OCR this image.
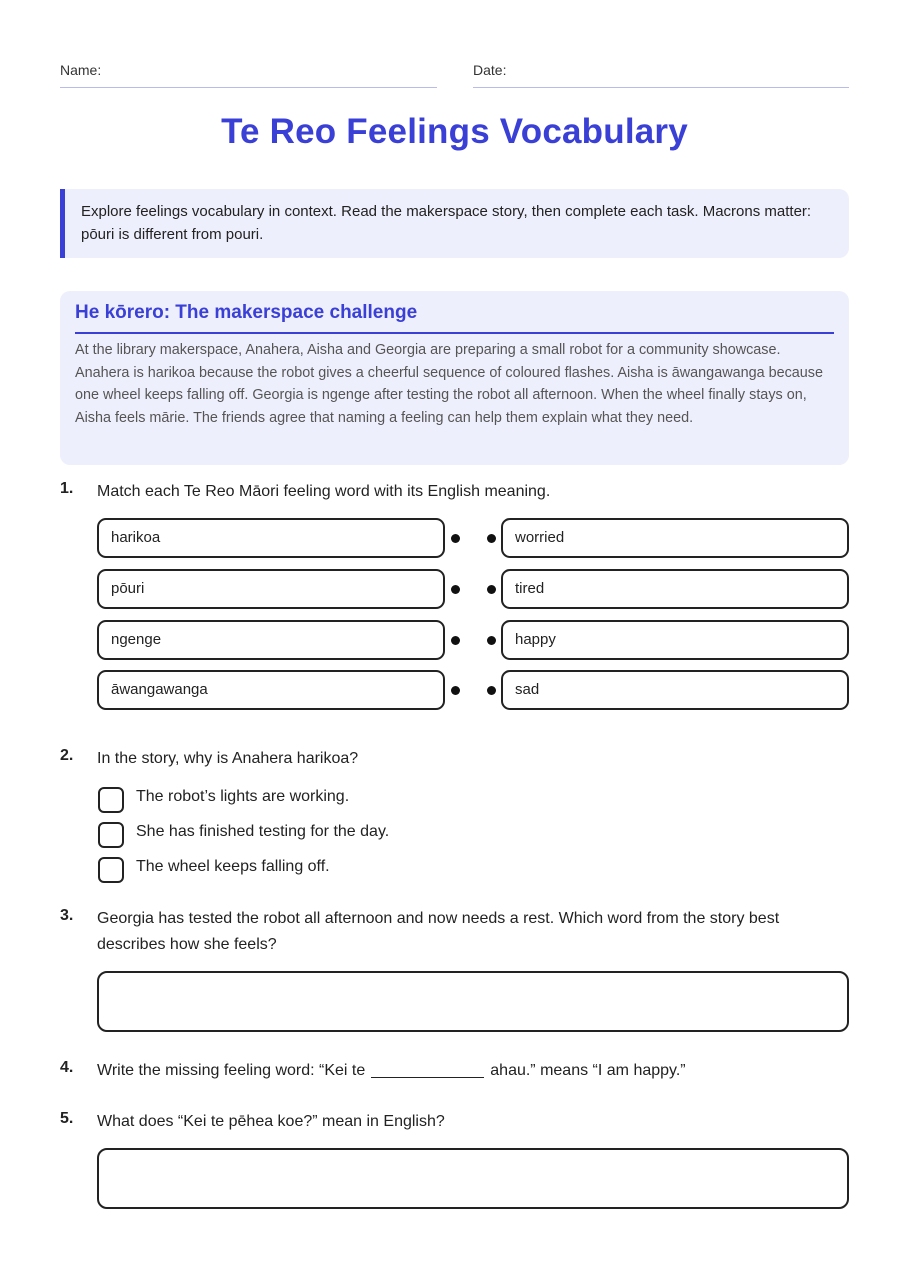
Name:	Date:
Te Reo Feelings Vocabulary
Explore feelings vocabulary in context. Read the makerspace story, then complete each task. Macrons matter: pōuri is different from pouri.
He kōrero: The makerspace challenge
At the library makerspace, Anahera, Aisha and Georgia are preparing a small robot for a community showcase. Anahera is harikoa because the robot gives a cheerful sequence of coloured flashes. Aisha is āwangawanga because one wheel keeps falling off. Georgia is ngenge after testing the robot all afternoon. When the wheel finally stays on, Aisha feels mārie. The friends agree that naming a feeling can help them explain what they need.
1. Match each Te Reo Māori feeling word with its English meaning.
harikoa
pōuri
ngenge
āwangawanga
worried
tired
happy
sad
2. In the story, why is Anahera harikoa?
The robot’s lights are working.
She has finished testing for the day.
The wheel keeps falling off.
3. Georgia has tested the robot all afternoon and now needs a rest. Which word from the story best describes how she feels?
4. Write the missing feeling word: “Kei te	ahau.” means “I am happy.”
5. What does “Kei te pēhea koe?” mean in English?
